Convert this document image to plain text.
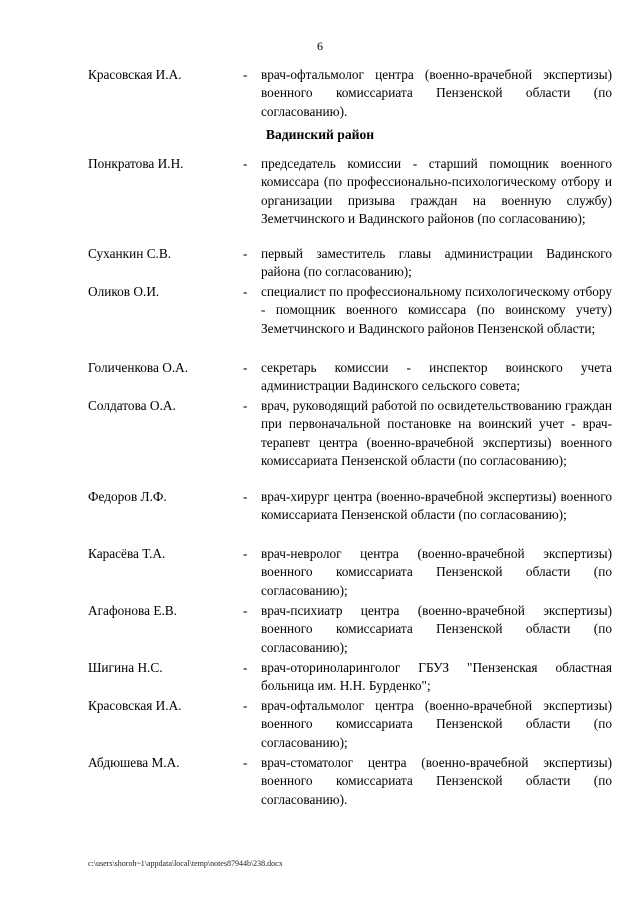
6
Красовская И.А.	- врач-офтальмолог центра (военно-врачебной экспертизы) военного комиссариата Пензенской области (по согласованию).
Вадинский район
Понкратова И.Н.	- председатель комиссии - старший помощник военного комиссара (по профессионально-психологическому отбору и организации призыва граждан на военную службу) Земетчинского и Вадинского районов (по согласованию);
Суханкин С.В.	- первый заместитель главы администрации Вадинского района (по согласованию);
Оликов О.И.	- специалист по профессиональному психологическому отбору - помощник военного комиссара (по воинскому учету) Земетчинского и Вадинского районов Пензенской области;
Голиченкова О.А.	- секретарь комиссии - инспектор воинского учета администрации Вадинского сельского совета;
Солдатова О.А.	- врач, руководящий работой по освидетельствованию граждан при первоначальной постановке на воинский учет - врач-терапевт центра (военно-врачебной экспертизы) военного комиссариата Пензенской области (по согласованию);
Федоров Л.Ф.	- врач-хирург центра (военно-врачебной экспертизы) военного комиссариата Пензенской области (по согласованию);
Карасёва Т.А.	- врач-невролог центра (военно-врачебной экспертизы) военного комиссариата Пензенской области (по согласованию);
Агафонова Е.В.	- врач-психиатр центра (военно-врачебной экспертизы) военного комиссариата Пензенской области (по согласованию);
Шигина Н.С.	- врач-оториноларинголог ГБУЗ "Пензенская областная больница им. Н.Н. Бурденко";
Красовская И.А.	- врач-офтальмолог центра (военно-врачебной экспертизы) военного комиссариата Пензенской области (по согласованию);
Абдюшева М.А.	- врач-стоматолог центра (военно-врачебной экспертизы) военного комиссариата Пензенской области (по согласованию).
c:\users\shoroh~1\appdata\local\temp\notes87944b\238.docx
